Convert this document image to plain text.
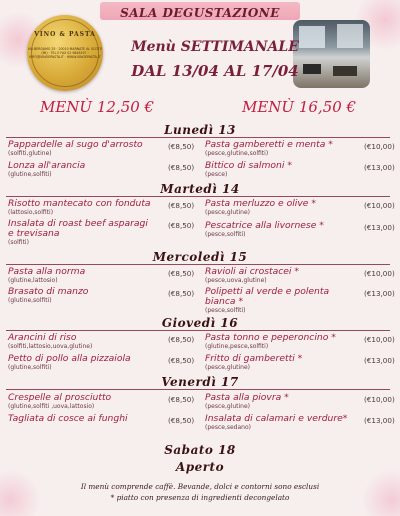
SALA DEGUSTAZIONE
VINO & PASTA
VIA BERGAMO 25 · 20010 MARNATE AL SCOTO (MI) · TEL E FAX 02 9846197 · INFO@VINOEPASTA.IT · WWW.VINOEPASTA.IT
Menù SETTIMANALE
DAL 13/04 AL 17/04
MENÙ 12,50 €	MENÙ 16,50 €
Lunedì 13
Pappardelle al sugo d'arrosto
(solfiti,glutine)
(€8,50)
Lonza all'arancia
(glutine,solfiti)
(€8,50)
Pasta gamberetti e menta *
(pesce,glutine,solfiti)
(€10,00)
Bittico di salmoni *
(pesce)
(€13,00)
Martedì 14
Risotto mantecato con fonduta
(lattosio,solfiti)
(€8,50)
Insalata di roast beef asparagi
e trevisana
(solfiti)
(€8,50)
Pasta merluzzo e olive *
(pesce,glutine)
(€10,00)
Pescatrice alla livornese *
(pesce,solfiti)
(€13,00)
Mercoledì 15
Pasta alla norma
(glutine,lattosio)
(€8,50)
Brasato di manzo
(glutine,solfiti)
(€8,50)
Ravioli ai crostacei *
(pesce,uova,glutine)
(€10,00)
Polipetti al verde e polenta
bianca *
(pesce,solfiti)
(€13,00)
Giovedì 16
Arancini di riso
(solfiti,lattosio,uova,glutine)
(€8,50)
Petto di pollo alla pizzaiola
(glutine,solfiti)
(€8,50)
Pasta tonno e peperoncino *
(glutine,pesce,solfiti)
(€10,00)
Fritto di gamberetti *
(pesce,glutine)
(€13,00)
Venerdì 17
Crespelle al prosciutto
(glutine,solfiti ,uova,lattosio)
(€8,50)
Tagliata di cosce ai funghi	(€8,50)
Pasta alla piovra *
(pesce,glutine)
(€10,00)
Insalata di calamari e verdure*
(pesce,sedano)
(€13,00)
Sabato 18
Aperto
Il menù comprende caffè. Bevande, dolci e contorni sono esclusi
* piatto con presenza di ingredienti decongelato
